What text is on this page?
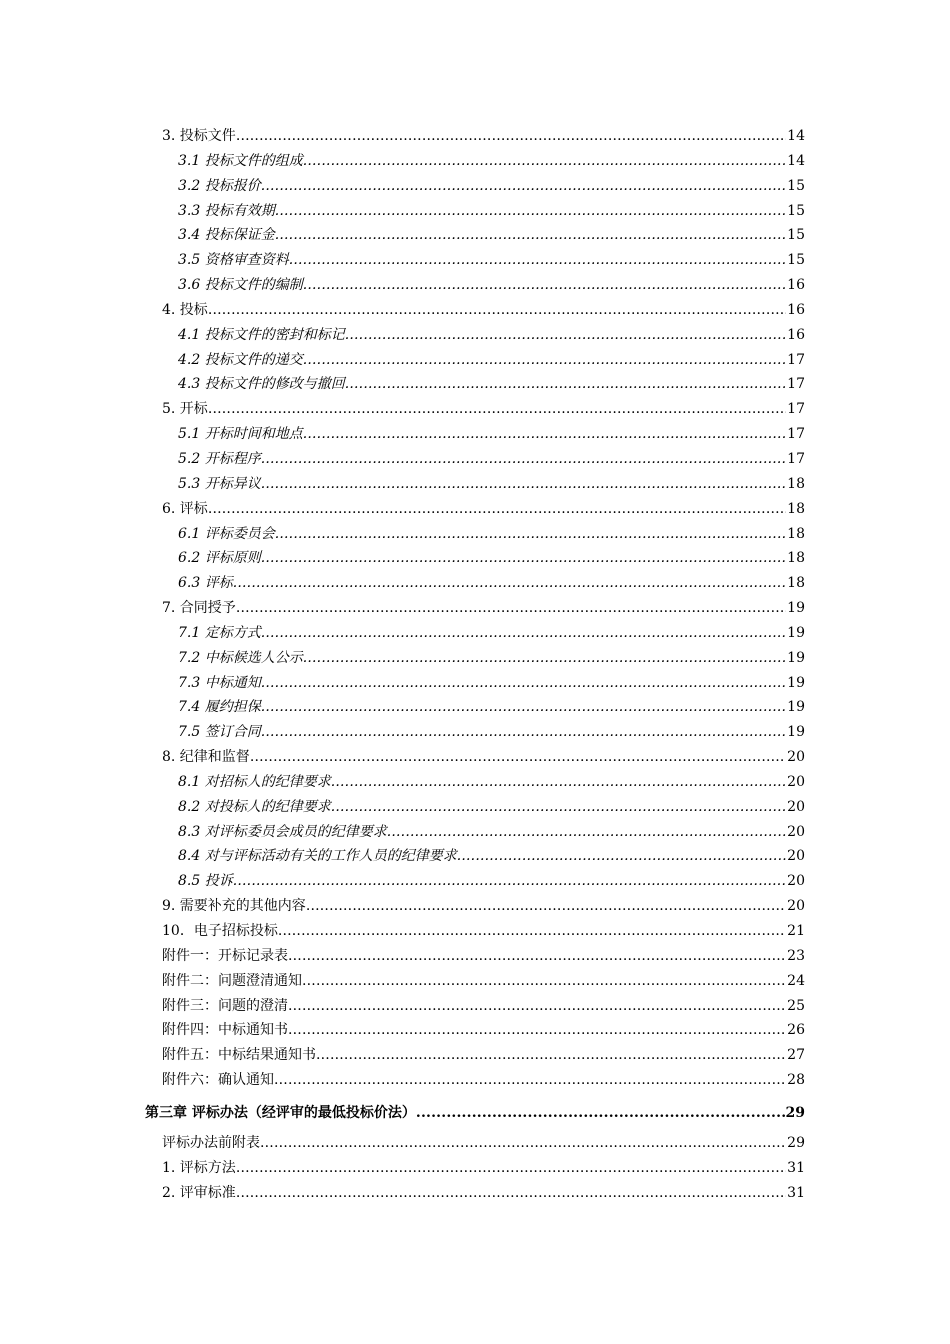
3. 投标文件 .....	14
3.1 投标文件的组成 .....	14
3.2 投标报价 .....	15
3.3 投标有效期 .....	15
3.4 投标保证金 .....	15
3.5 资格审查资料 .....	15
3.6 投标文件的编制 .....	16
4. 投标 .....	16
4.1 投标文件的密封和标记 .....	16
4.2 投标文件的递交 .....	17
4.3 投标文件的修改与撤回 .....	17
5. 开标 .....	17
5.1 开标时间和地点 .....	17
5.2 开标程序 .....	17
5.3 开标异议 .....	18
6. 评标 .....	18
6.1 评标委员会 .....	18
6.2 评标原则 .....	18
6.3 评标 .....	18
7. 合同授予 .....	19
7.1 定标方式 .....	19
7.2 中标候选人公示 .....	19
7.3 中标通知 .....	19
7.4 履约担保 .....	19
7.5 签订合同 .....	19
8. 纪律和监督 .....	20
8.1 对招标人的纪律要求 .....	20
8.2 对投标人的纪律要求 .....	20
8.3 对评标委员会成员的纪律要求 .....	20
8.4 对与评标活动有关的工作人员的纪律要求 .....	20
8.5 投诉 .....	20
9. 需要补充的其他内容 .....	20
10．电子招标投标 .....	21
附件一：开标记录表 .....	23
附件二：问题澄清通知 .....	24
附件三：问题的澄清 .....	25
附件四：中标通知书 .....	26
附件五：中标结果通知书 .....	27
附件六：确认通知 .....	28
第三章 评标办法（经评审的最低投标价法） .....	29
评标办法前附表 .....	29
1. 评标方法 .....	31
2. 评审标准 .....	31
